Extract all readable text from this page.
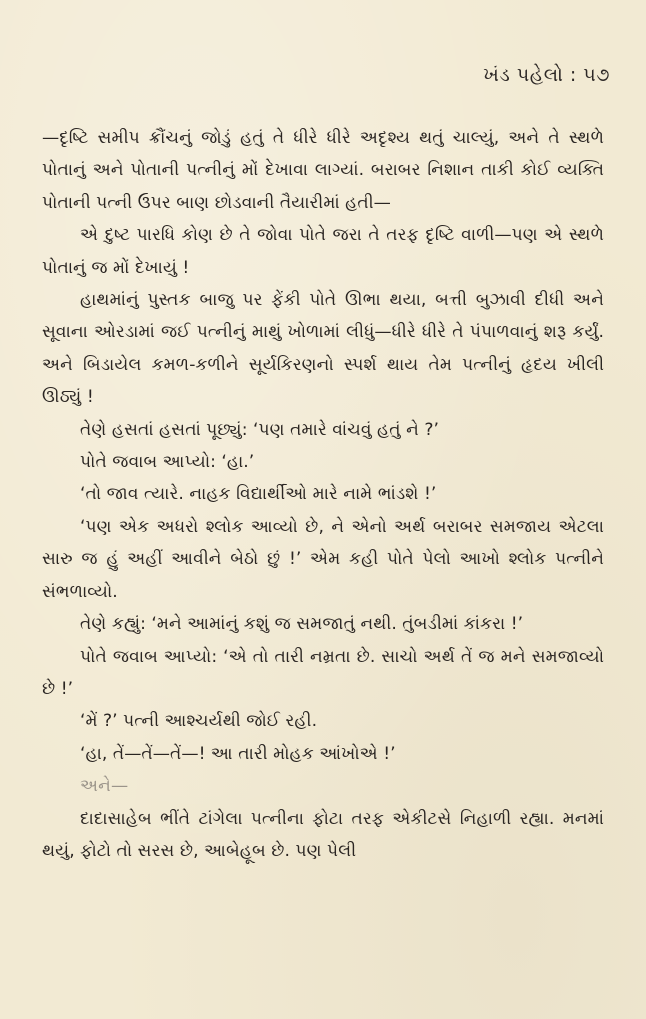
ખંડ પહેલો : ૫૭

—દૃષ્ટિ સમીપ ક્રૌંચનું જોડું હતું તે ધીરે ધીરે અદૃશ્ય થતું ચાલ્યું, અને તે સ્થળે પોતાનું અને પોતાની પત્નીનું મોં દેખાવા લાગ્યાં. બરાબર નિશાન તાકી કોઈ વ્યક્તિ પોતાની પત્ની ઉપર બાણ છોડવાની તૈયારીમાં હતી—

એ દુષ્ટ પારધિ કોણ છે તે જોવા પોતે જરા તે તરફ દૃષ્ટિ વાળી—પણ એ સ્થળે પોતાનું જ મોં દેખાયું !

હાથમાંનું પુસ્તક બાજુ પર ફેંકી પોતે ઊભા થયા, બત્તી બુઝાવી દીધી અને સૂવાના ઓરડામાં જઈ પત્નીનું માથું ખોળામાં લીધું—ધીરે ધીરે તે પંપાળવાનું શરૂ કર્યું. અને બિડાયેલ કમળ-કળીને સૂર્યકિરણનો સ્પર્શ થાય તેમ પત્નીનું હૃદય ખીલી ઊઠ્યું !

તેણે હસતાં હસતાં પૂછ્યું: ‘પણ તમારે વાંચવું હતું ને ?’

પોતે જવાબ આપ્યો: ‘હા.’

‘તો જાવ ત્યારે. નાહક વિદ્યાર્થીઓ મારે નામે ભાંડશે !’

‘પણ એક અધરો શ્લોક આવ્યો છે, ને એનો અર્થ બરાબર સમજાય એટલા સારુ જ હું અહીં આવીને બેઠો છું !’ એમ કહી પોતે પેલો આખો શ્લોક પત્નીને સંભળાવ્યો.

તેણે કહ્યું: ‘મને આમાંનું કશું જ સમજાતું નથી. તુંબડીમાં કાંકરા !’

પોતે જવાબ આપ્યો: ‘એ તો તારી નમ્રતા છે. સાચો અર્થ તેં જ મને સમજાવ્યો છે !’

‘મેં ?’ પત્ની આશ્ચર્યથી જોઈ રહી.

‘હા, તેં—તેં—તેં—! આ તારી મોહક આંખોએ !’

અને—

દાદાસાહેબ ભીંતે ટાંગેલા પત્નીના ફોટા તરફ એકીટસે નિહાળી રહ્યા. મનમાં થયું, ફોટો તો સરસ છે, આબેહૂબ છે. પણ પેલી
